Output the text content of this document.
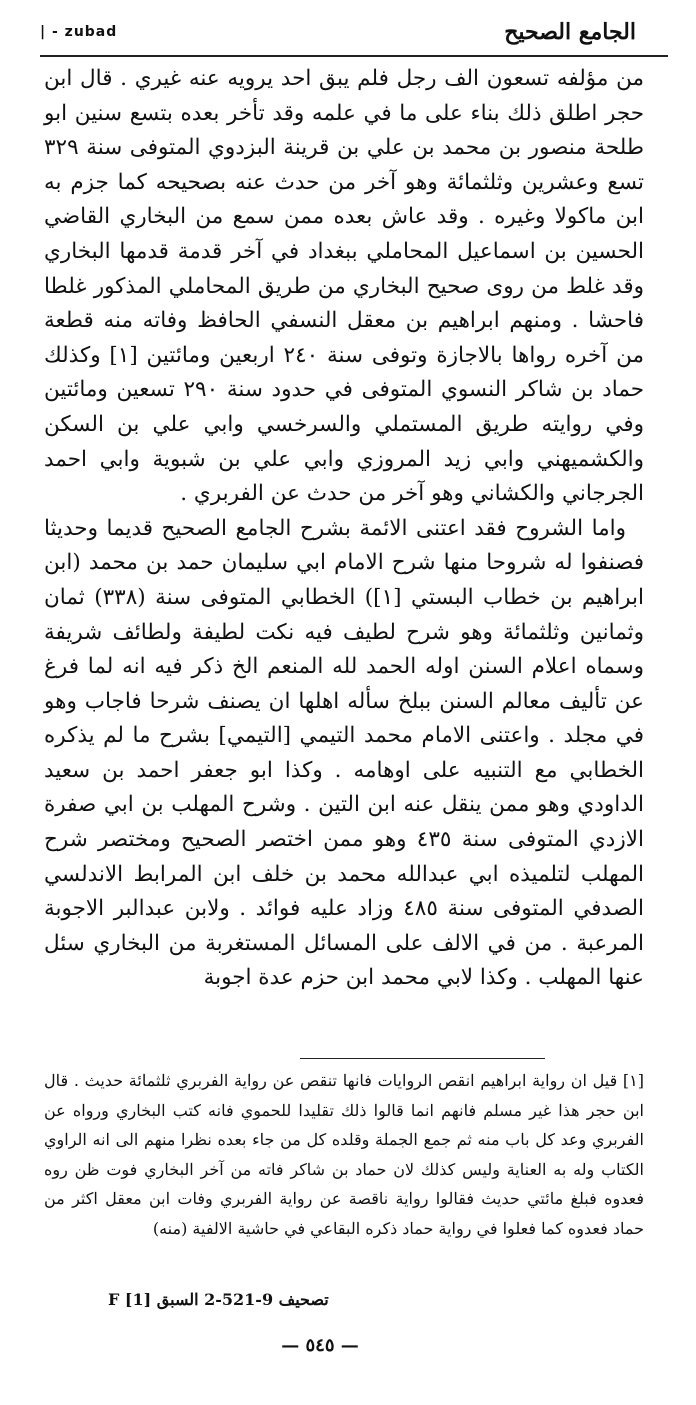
| - zubad	الجامع الصحيح

من مؤلفه تسعون الف رجل فلم يبق احد يرويه عنه غيري . قال ابن حجر اطلق ذلك بناء على ما في علمه وقد تأخر بعده بتسع سنين ابو طلحة منصور بن محمد بن علي بن قرينة البزدوي المتوفى سنة ٣٢٩ تسع وعشرين وثلثمائة وهو آخر من حدث عنه بصحيحه كما جزم به ابن ماكولا وغيره . وقد عاش بعده ممن سمع من البخاري القاضي الحسين بن اسماعيل المحاملي ببغداد في آخر قدمة قدمها البخاري وقد غلط من روى صحيح البخاري من طريق المحاملي المذكور غلطا فاحشا . ومنهم ابراهيم بن معقل النسفي الحافظ وفاته منه قطعة من آخره رواها بالاجازة وتوفى سنة ٢٤٠ اربعين ومائتين [١] وكذلك حماد بن شاكر النسوي المتوفى في حدود سنة ٢٩٠ تسعين ومائتين وفي روايته طريق المستملي والسرخسي وابي علي بن السكن والكشميهني وابي زيد المروزي وابي علي بن شبوية وابي احمد الجرجاني والكشاني وهو آخر من حدث عن الفربري .

واما الشروح فقد اعتنى الائمة بشرح الجامع الصحيح قديما وحديثا فصنفوا له شروحا منها شرح الامام ابي سليمان حمد بن محمد (ابن ابراهيم بن خطاب البستي [١]) الخطابي المتوفى سنة (٣٣٨) ثمان وثمانين وثلثمائة وهو شرح لطيف فيه نكت لطيفة ولطائف شريفة وسماه اعلام السنن اوله الحمد لله المنعم الخ ذكر فيه انه لما فرغ عن تأليف معالم السنن ببلخ سأله اهلها ان يصنف شرحا فاجاب وهو في مجلد . واعتنى الامام محمد التيمي [التيمي] بشرح ما لم يذكره الخطابي مع التنبيه على اوهامه . وكذا ابو جعفر احمد بن سعيد الداودي وهو ممن ينقل عنه ابن التين . وشرح المهلب بن ابي صفرة الازدي المتوفى سنة ٤٣٥ وهو ممن اختصر الصحيح ومختصر شرح المهلب لتلميذه ابي عبدالله محمد بن خلف ابن المرابط الاندلسي الصدفي المتوفى سنة ٤٨٥ وزاد عليه فوائد . ولابن عبدالبر الاجوبة المرعبة . من في الالف على المسائل المستغربة من البخاري سئل عنها المهلب . وكذا لابي محمد ابن حزم عدة اجوبة

[١] قيل ان رواية ابراهيم انقص الروايات فانها تنقص عن رواية الفربري ثلثمائة حديث . قال ابن حجر هذا غير مسلم فانهم انما قالوا ذلك تقليدا للحموي فانه كتب البخاري ورواه عن الفربري وعد كل باب منه ثم جمع الجملة وقلده كل من جاء بعده نظرا منهم الى انه الراوي الكتاب وله به العناية وليس كذلك لان حماد بن شاكر فاته من آخر البخاري فوت ظن روه فعدوه فبلغ مائتي حديث فقالوا رواية ناقصة عن رواية الفربري وفات ابن معقل اكثر من حماد فعدوه كما فعلوا في رواية حماد ذكره البقاعي في حاشية الالفية (منه)

تصحيف 9-521-2 السبق F [1]
— ٥٤٥ —
